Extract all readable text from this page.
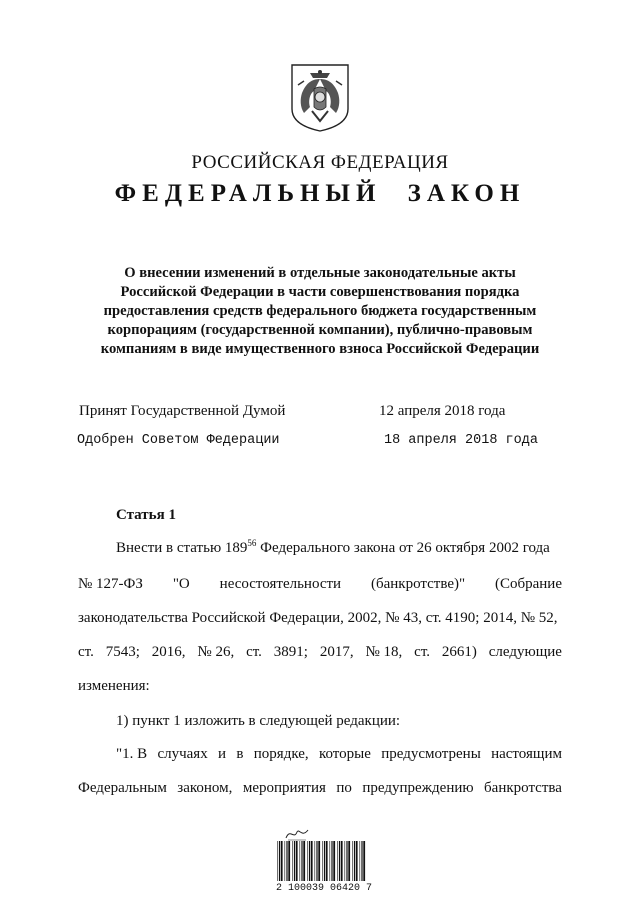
РОССИЙСКАЯ ФЕДЕРАЦИЯ
ФЕДЕРАЛЬНЫЙ ЗАКОН
О внесении изменений в отдельные законодательные акты
Российской Федерации в части совершенствования порядка
предоставления средств федерального бюджета государственным
корпорациям (государственной компании), публично-правовым
компаниям в виде имущественного взноса Российской Федерации
Принят Государственной Думой	12 апреля 2018 года
Одобрен Советом Федерации	18 апреля 2018 года
Статья 1
Внести в статью $189^{56}$ Федерального закона от 26 октября 2002 года
№ 127-ФЗ "О несостоятельности (банкротстве)" (Собрание
законодательства Российской Федерации, 2002, № 43, ст. 4190; 2014, № 52,
ст. 7543; 2016, № 26, ст. 3891; 2017, № 18, ст. 2661) следующие
изменения:
1) пункт 1 изложить в следующей редакции:
"1. В случаях и в порядке, которые предусмотрены настоящим
Федеральным законом, мероприятия по предупреждению банкротства
2 100039 06420 7
